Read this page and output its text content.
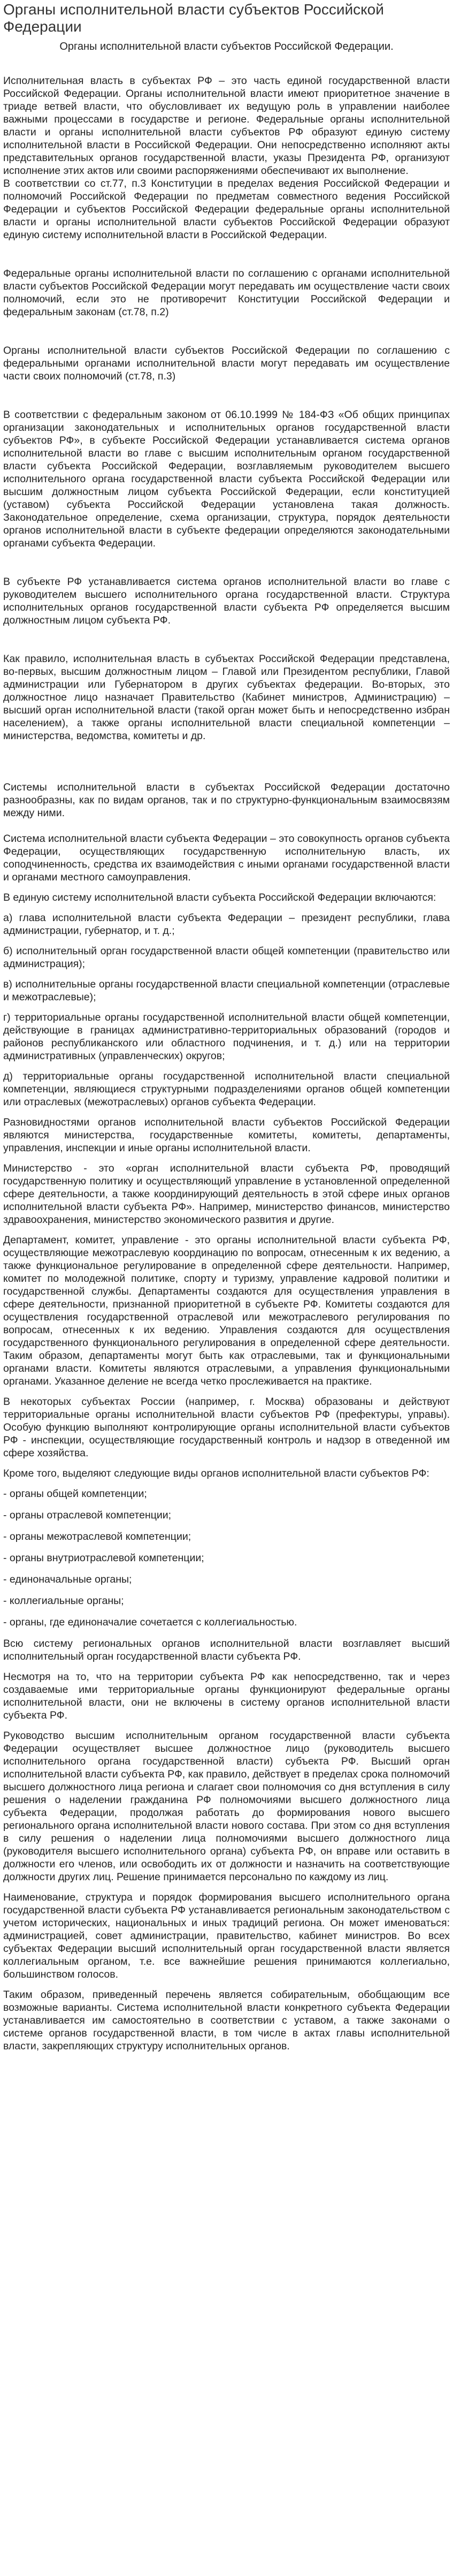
Органы исполнительной власти субъектов Российской Федерации
Органы исполнительной власти субъектов Российской Федерации.

Исполнительная власть в субъектах РФ – это часть единой государственной власти Российской Федерации. Органы исполнительной власти имеют приоритетное значение в триаде ветвей власти, что обусловливает их ведущую роль в управлении наиболее важными процессами в государстве и регионе. Федеральные органы исполнительной власти и органы исполнительной власти субъектов РФ образуют единую систему исполнительной власти в Российской Федерации. Они непосредственно исполняют акты представительных органов государственной власти, указы Президента РФ, организуют исполнение этих актов или своими распоряжениями обеспечивают их выполнение.

В соответствии со ст.77, п.3 Конституции в пределах ведения Российской Федерации и полномочий Российской Федерации по предметам совместного ведения Российской Федерации и субъектов Российской Федерации федеральные органы исполнительной власти и органы исполнительной власти субъектов Российской Федерации образуют единую систему исполнительной власти в Российской Федерации.

Федеральные органы исполнительной власти по соглашению с органами исполнительной власти субъектов Российской Федерации могут передавать им осуществление части своих полномочий, если это не противоречит Конституции Российской Федерации и федеральным законам (ст.78, п.2)

Органы исполнительной власти субъектов Российской Федерации по соглашению с федеральными органами исполнительной власти могут передавать им осуществление части своих полномочий (ст.78, п.3)

В соответствии с федеральным законом от 06.10.1999 № 184-ФЗ «Об общих принципах организации законодательных и исполнительных органов государственной власти субъектов РФ», в субъекте Российской Федерации устанавливается система органов исполнительной власти во главе с высшим исполнительным органом государственной власти субъекта Российской Федерации, возглавляемым руководителем высшего исполнительного органа государственной власти субъекта Российской Федерации или высшим должностным лицом субъекта Российской Федерации, если конституцией (уставом) субъекта Российской Федерации установлена такая должность. Законодательное определение, схема организации, структура, порядок деятельности органов исполнительной власти в субъекте федерации определяются законодательными органами субъекта Федерации.

В субъекте РФ устанавливается система органов исполнительной власти во главе с руководителем высшего исполнительного органа государственной власти. Структура исполнительных органов государственной власти субъекта РФ определяется высшим должностным лицом субъекта РФ.

Как правило, исполнительная власть в субъектах Российской Федерации представлена, во-первых, высшим должностным лицом – Главой или Президентом республики, Главой администрации или Губернатором в других субъектах федерации. Во-вторых, это должностное лицо назначает Правительство (Кабинет министров, Администрацию) – высший орган исполнительной власти (такой орган может быть и непосредственно избран населением), а также органы исполнительной власти специальной компетенции – министерства, ведомства, комитеты и др.

Системы исполнительной власти в субъектах Российской Федерации достаточно разнообразны, как по видам органов, так и по структурно-функциональным взаимосвязям между ними.

Система исполнительной власти субъекта Федерации – это совокупность органов субъекта Федерации, осуществляющих государственную исполнительную власть, их соподчиненность, средства их взаимодействия с иными органами государственной власти и органами местного самоуправления.

В единую систему исполнительной власти субъекта Российской Федерации включаются:

а) глава исполнительной власти субъекта Федерации – президент республики, глава администрации, губернатор, и т. д.;

б) исполнительный орган государственной власти общей компетенции (правительство или администрация);

в) исполнительные органы государственной власти специальной компетенции (отраслевые и межотраслевые);

г) территориальные органы государственной исполнительной власти общей компетенции, действующие в границах административно-территориальных образований (городов и районов республиканского или областного подчинения, и т. д.) или на территории административных (управленческих) округов;

д) территориальные органы государственной исполнительной власти специальной компетенции, являющиеся структурными подразделениями органов общей компетенции или отраслевых (межотраслевых) органов субъекта Федерации.

Разновидностями органов исполнительной власти субъектов Российской Федерации являются министерства, государственные комитеты, комитеты, департаменты, управления, инспекции и иные органы исполнительной власти.

Министерство - это «орган исполнительной власти субъекта РФ, проводящий государственную политику и осуществляющий управление в установленной определенной сфере деятельности, а также координирующий деятельность в этой сфере иных органов исполнительной власти субъекта РФ». Например, министерство финансов, министерство здравоохранения, министерство экономического развития и другие.

Департамент, комитет, управление - это органы исполнительной власти субъекта РФ, осуществляющие межотраслевую координацию по вопросам, отнесенным к их ведению, а также функциональное регулирование в определенной сфере деятельности. Например, комитет по молодежной политике, спорту и туризму, управление кадровой политики и государственной службы. Департаменты создаются для осуществления управления в сфере деятельности, признанной приоритетной в субъекте РФ. Комитеты создаются для осуществления государственной отраслевой или межотраслевого регулирования по вопросам, отнесенных к их ведению. Управления создаются для осуществления государственного функционального регулирования в определенной сфере деятельности. Таким образом, департаменты могут быть как отраслевыми, так и функциональными органами власти. Комитеты являются отраслевыми, а управления функциональными органами. Указанное деление не всегда четко прослеживается на практике.

В некоторых субъектах России (например, г. Москва) образованы и действуют территориальные органы исполнительной власти субъектов РФ (префектуры, управы). Особую функцию выполняют контролирующие органы исполнительной власти субъектов РФ - инспекции, осуществляющие государственный контроль и надзор в отведенной им сфере хозяйства.

Кроме того, выделяют следующие виды органов исполнительной власти субъектов РФ:

- органы общей компетенции;

- органы отраслевой компетенции;

- органы межотраслевой компетенции;

- органы внутриотраслевой компетенции;

- единоначальные органы;

- коллегиальные органы;

- органы, где единоначалие сочетается с коллегиальностью.

Всю систему региональных органов исполнительной власти возглавляет высший исполнительный орган государственной власти субъекта РФ.

Несмотря на то, что на территории субъекта РФ как непосредственно, так и через создаваемые ими территориальные органы функционируют федеральные органы исполнительной власти, они не включены в систему органов исполнительной власти субъекта РФ.

Руководство высшим исполнительным органом государственной власти субъекта Федерации осуществляет высшее должностное лицо (руководитель высшего исполнительного органа государственной власти) субъекта РФ. Высший орган исполнительной власти субъекта РФ, как правило, действует в пределах срока полномочий высшего должностного лица региона и слагает свои полномочия со дня вступления в силу решения о наделении гражданина РФ полномочиями высшего должностного лица субъекта Федерации, продолжая работать до формирования нового высшего регионального органа исполнительной власти нового состава. При этом со дня вступления в силу решения о наделении лица полномочиями высшего должностного лица (руководителя высшего исполнительного органа) субъекта РФ, он вправе или оставить в должности его членов, или освободить их от должности и назначить на соответствующие должности других лиц. Решение принимается персонально по каждому из лиц.

Наименование, структура и порядок формирования высшего исполнительного органа государственной власти субъекта РФ устанавливается региональным законодательством с учетом исторических, национальных и иных традиций региона. Он может именоваться: администрацией, совет администрации, правительство, кабинет министров. Во всех субъектах Федерации высший исполнительный орган государственной власти является коллегиальным органом, т.е. все важнейшие решения принимаются коллегиально, большинством голосов.

Таким образом, приведенный перечень является собирательным, обобщающим все возможные варианты. Система исполнительной власти конкретного субъекта Федерации устанавливается им самостоятельно в соответствии с уставом, а также законами о системе органов государственной власти, в том числе в актах главы исполнительной власти, закрепляющих структуру исполнительных органов.
